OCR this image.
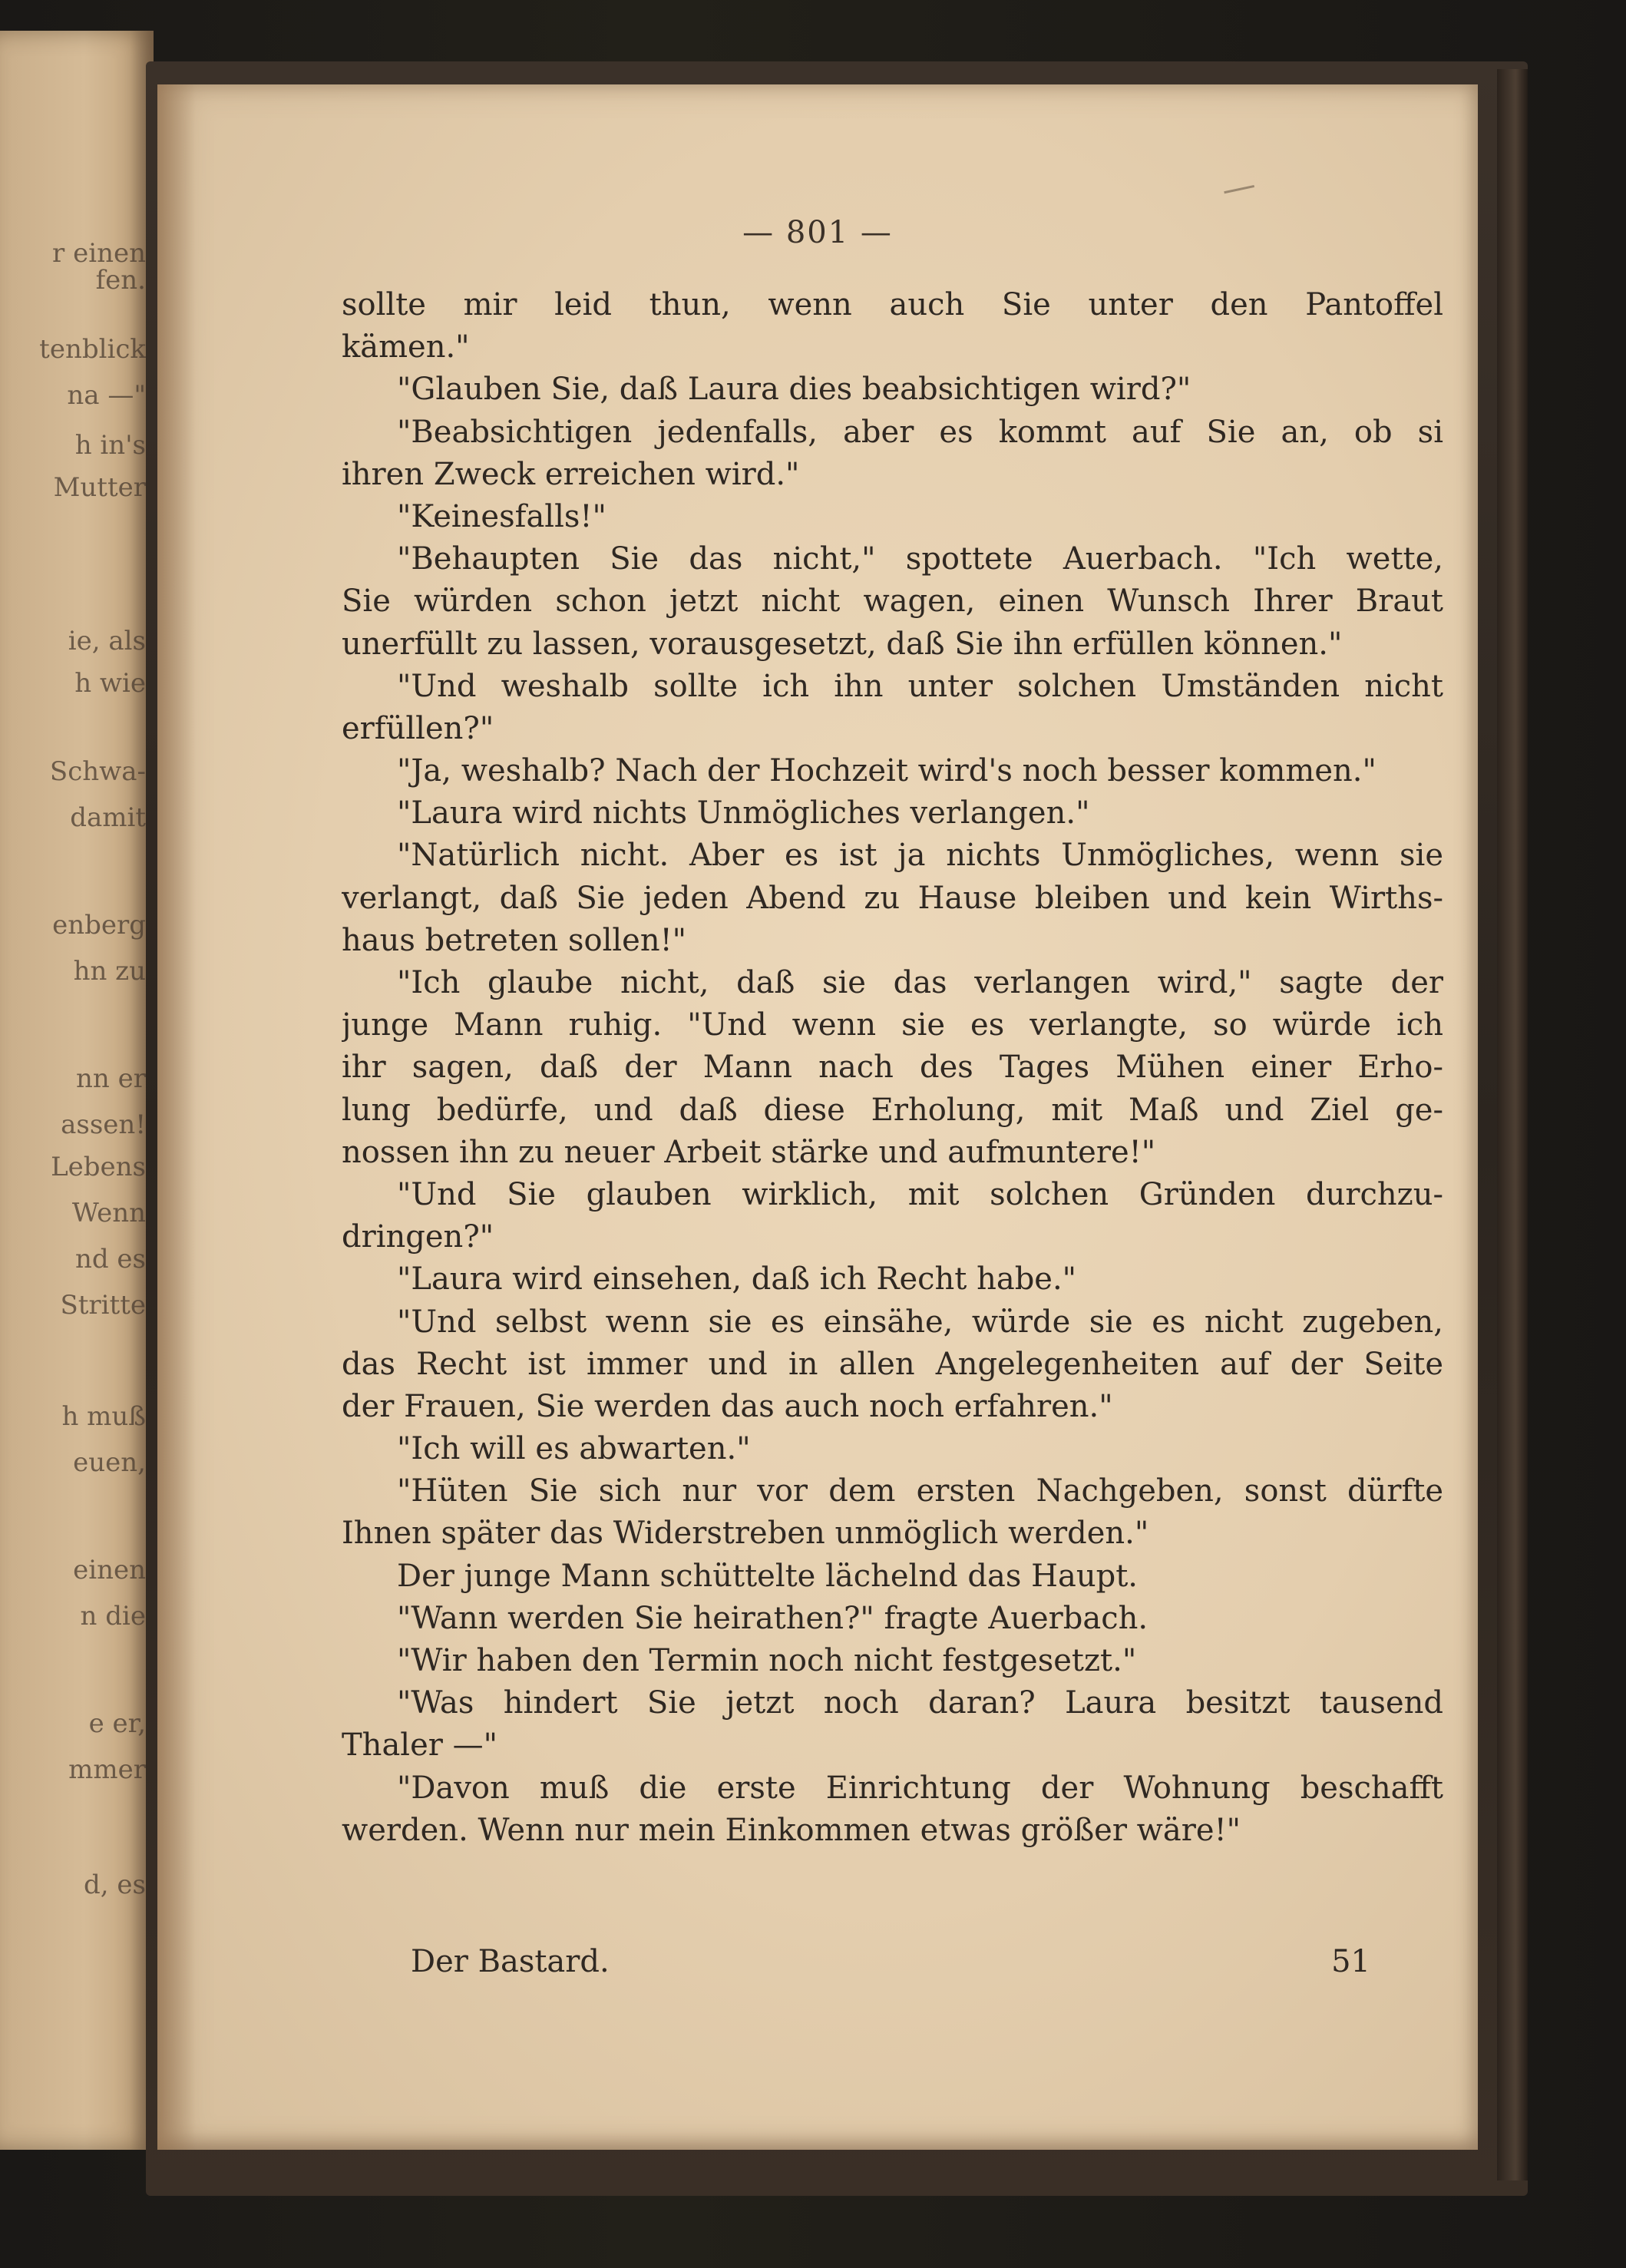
r einen
fen.
tenblick
na —"
h in's
Mutter
ie, als
h wie
Schwa-
damit
enberg
hn zu
nn er
assen!
Lebens
Wenn
nd es
Stritte
h muß
euen,
einen
n die
e er,
mmer
d, es
— 801 —
sollte mir leid thun, wenn auch Sie unter den Pantoffel
kämen."
"Glauben Sie, daß Laura dies beabsichtigen wird?"
"Beabsichtigen jedenfalls, aber es kommt auf Sie an, ob si
ihren Zweck erreichen wird."
"Keinesfalls!"
"Behaupten Sie das nicht," spottete Auerbach. "Ich wette,
Sie würden schon jetzt nicht wagen, einen Wunsch Ihrer Braut
unerfüllt zu lassen, vorausgesetzt, daß Sie ihn erfüllen können."
"Und weshalb sollte ich ihn unter solchen Umständen nicht
erfüllen?"
"Ja, weshalb? Nach der Hochzeit wird's noch besser kommen."
"Laura wird nichts Unmögliches verlangen."
"Natürlich nicht. Aber es ist ja nichts Unmögliches, wenn sie
verlangt, daß Sie jeden Abend zu Hause bleiben und kein Wirths-
haus betreten sollen!"
"Ich glaube nicht, daß sie das verlangen wird," sagte der
junge Mann ruhig. "Und wenn sie es verlangte, so würde ich
ihr sagen, daß der Mann nach des Tages Mühen einer Erho-
lung bedürfe, und daß diese Erholung, mit Maß und Ziel ge-
nossen ihn zu neuer Arbeit stärke und aufmuntere!"
"Und Sie glauben wirklich, mit solchen Gründen durchzu-
dringen?"
"Laura wird einsehen, daß ich Recht habe."
"Und selbst wenn sie es einsähe, würde sie es nicht zugeben,
das Recht ist immer und in allen Angelegenheiten auf der Seite
der Frauen, Sie werden das auch noch erfahren."
"Ich will es abwarten."
"Hüten Sie sich nur vor dem ersten Nachgeben, sonst dürfte
Ihnen später das Widerstreben unmöglich werden."
Der junge Mann schüttelte lächelnd das Haupt.
"Wann werden Sie heirathen?" fragte Auerbach.
"Wir haben den Termin noch nicht festgesetzt."
"Was hindert Sie jetzt noch daran? Laura besitzt tausend
Thaler —"
"Davon muß die erste Einrichtung der Wohnung beschafft
werden. Wenn nur mein Einkommen etwas größer wäre!"
Der Bastard.	51
